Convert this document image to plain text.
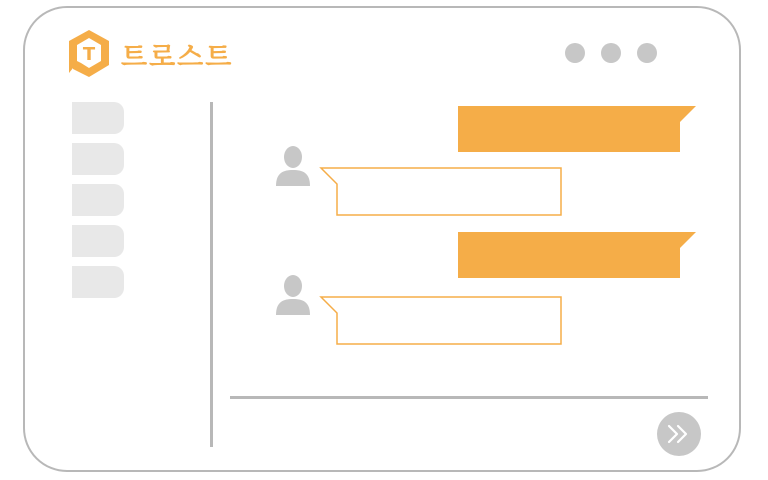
T 트로스트
